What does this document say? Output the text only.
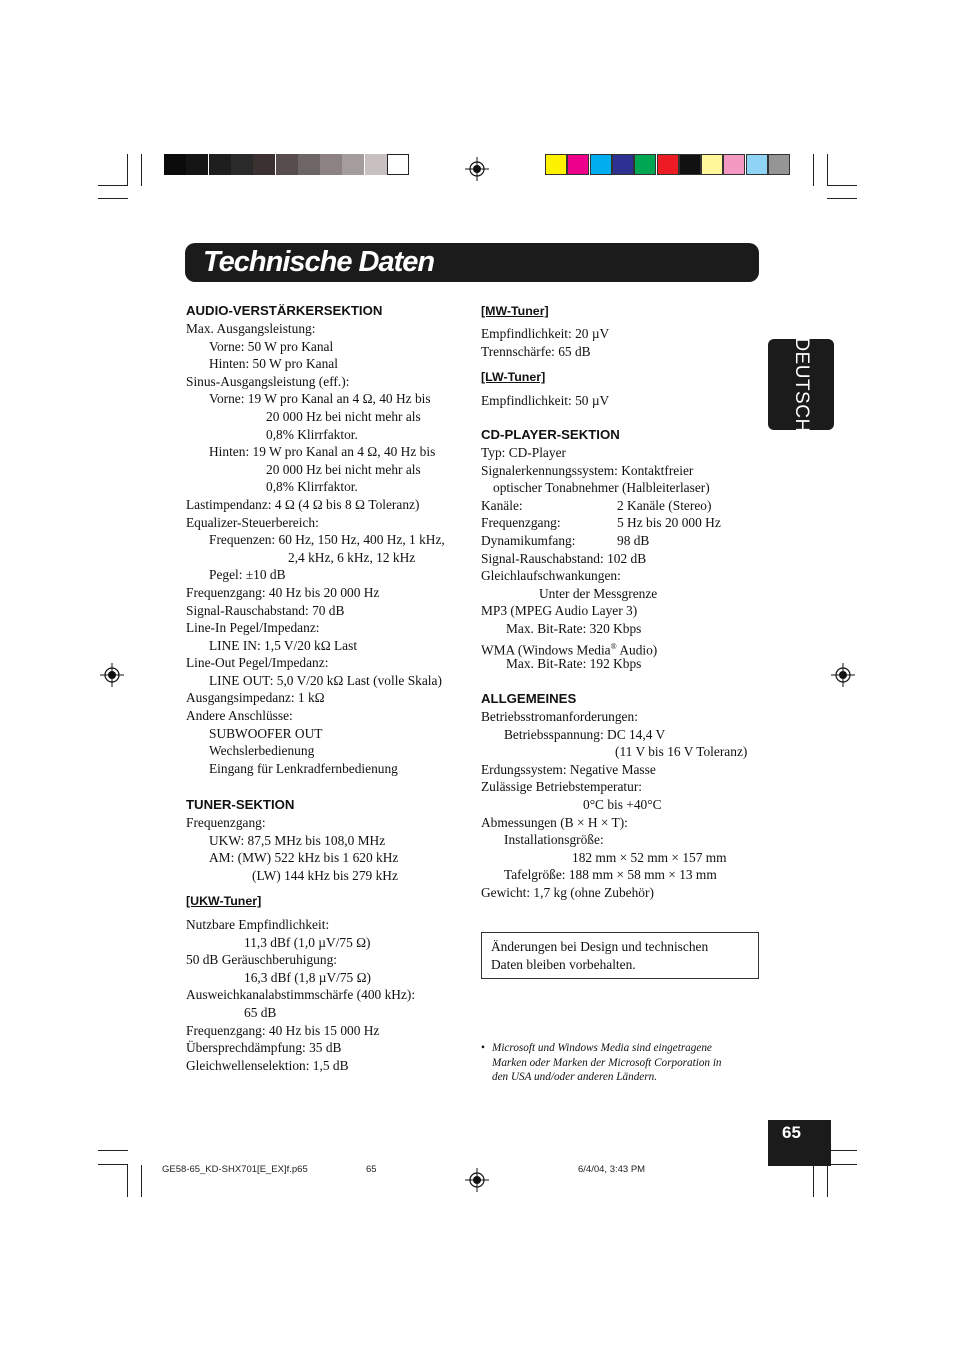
Technische Daten
DEUTSCH
AUDIO-VERSTÄRKERSEKTION
Max. Ausgangsleistung:
Vorne: 50 W pro Kanal
Hinten: 50 W pro Kanal
Sinus-Ausgangsleistung (eff.):
Vorne: 19 W pro Kanal an 4 Ω, 40 Hz bis
20 000 Hz bei nicht mehr als
0,8% Klirrfaktor.
Hinten: 19 W pro Kanal an 4 Ω, 40 Hz bis
20 000 Hz bei nicht mehr als
0,8% Klirrfaktor.
Lastimpendanz: 4 Ω (4 Ω bis 8 Ω Toleranz)
Equalizer-Steuerbereich:
Frequenzen: 60 Hz, 150 Hz, 400 Hz, 1 kHz,
2,4 kHz, 6 kHz, 12 kHz
Pegel: ±10 dB
Frequenzgang: 40 Hz bis 20 000 Hz
Signal-Rauschabstand: 70 dB
Line-In Pegel/Impedanz:
LINE IN: 1,5 V/20 kΩ Last
Line-Out Pegel/Impedanz:
LINE OUT: 5,0 V/20 kΩ Last (volle Skala)
Ausgangsimpedanz: 1 kΩ
Andere Anschlüsse:
SUBWOOFER OUT
Wechslerbedienung
Eingang für Lenkradfernbedienung
TUNER-SEKTION
Frequenzgang:
UKW: 87,5 MHz bis 108,0 MHz
AM: (MW) 522 kHz bis 1 620 kHz
(LW) 144 kHz bis 279 kHz
[UKW-Tuner]
Nutzbare Empfindlichkeit:
11,3 dBf (1,0 µV/75 Ω)
50 dB Geräuschberuhigung:
16,3 dBf (1,8 µV/75 Ω)
Ausweichkanalabstimmschärfe (400 kHz):
65 dB
Frequenzgang: 40 Hz bis 15 000 Hz
Übersprechdämpfung: 35 dB
Gleichwellenselektion: 1,5 dB
[MW-Tuner]
Empfindlichkeit: 20 µV
Trennschärfe: 65 dB
[LW-Tuner]
Empfindlichkeit: 50 µV
CD-PLAYER-SEKTION
Typ: CD-Player
Signalerkennungssystem: Kontaktfreier
optischer Tonabnehmer (Halbleiterlaser)
Kanäle:	2 Kanäle (Stereo)
Frequenzgang:	5 Hz bis 20 000 Hz
Dynamikumfang:	98 dB
Signal-Rauschabstand: 102 dB
Gleichlaufschwankungen:
Unter der Messgrenze
MP3 (MPEG Audio Layer 3)
Max. Bit-Rate: 320 Kbps
WMA (Windows Media® Audio)
Max. Bit-Rate: 192 Kbps
ALLGEMEINES
Betriebsstromanforderungen:
Betriebsspannung: DC 14,4 V
(11 V bis 16 V Toleranz)
Erdungssystem: Negative Masse
Zulässige Betriebstemperatur:
0°C bis +40°C
Abmessungen (B × H × T):
Installationsgröße:
182 mm × 52 mm × 157 mm
Tafelgröße: 188 mm × 58 mm × 13 mm
Gewicht: 1,7 kg (ohne Zubehör)
Änderungen bei Design und technischen
Daten bleiben vorbehalten.
• Microsoft und Windows Media sind eingetragene
Marken oder Marken der Microsoft Corporation in
den USA und/oder anderen Ländern.
65
GE58-65_KD-SHX701[E_EX]f.p65	65	6/4/04, 3:43 PM
